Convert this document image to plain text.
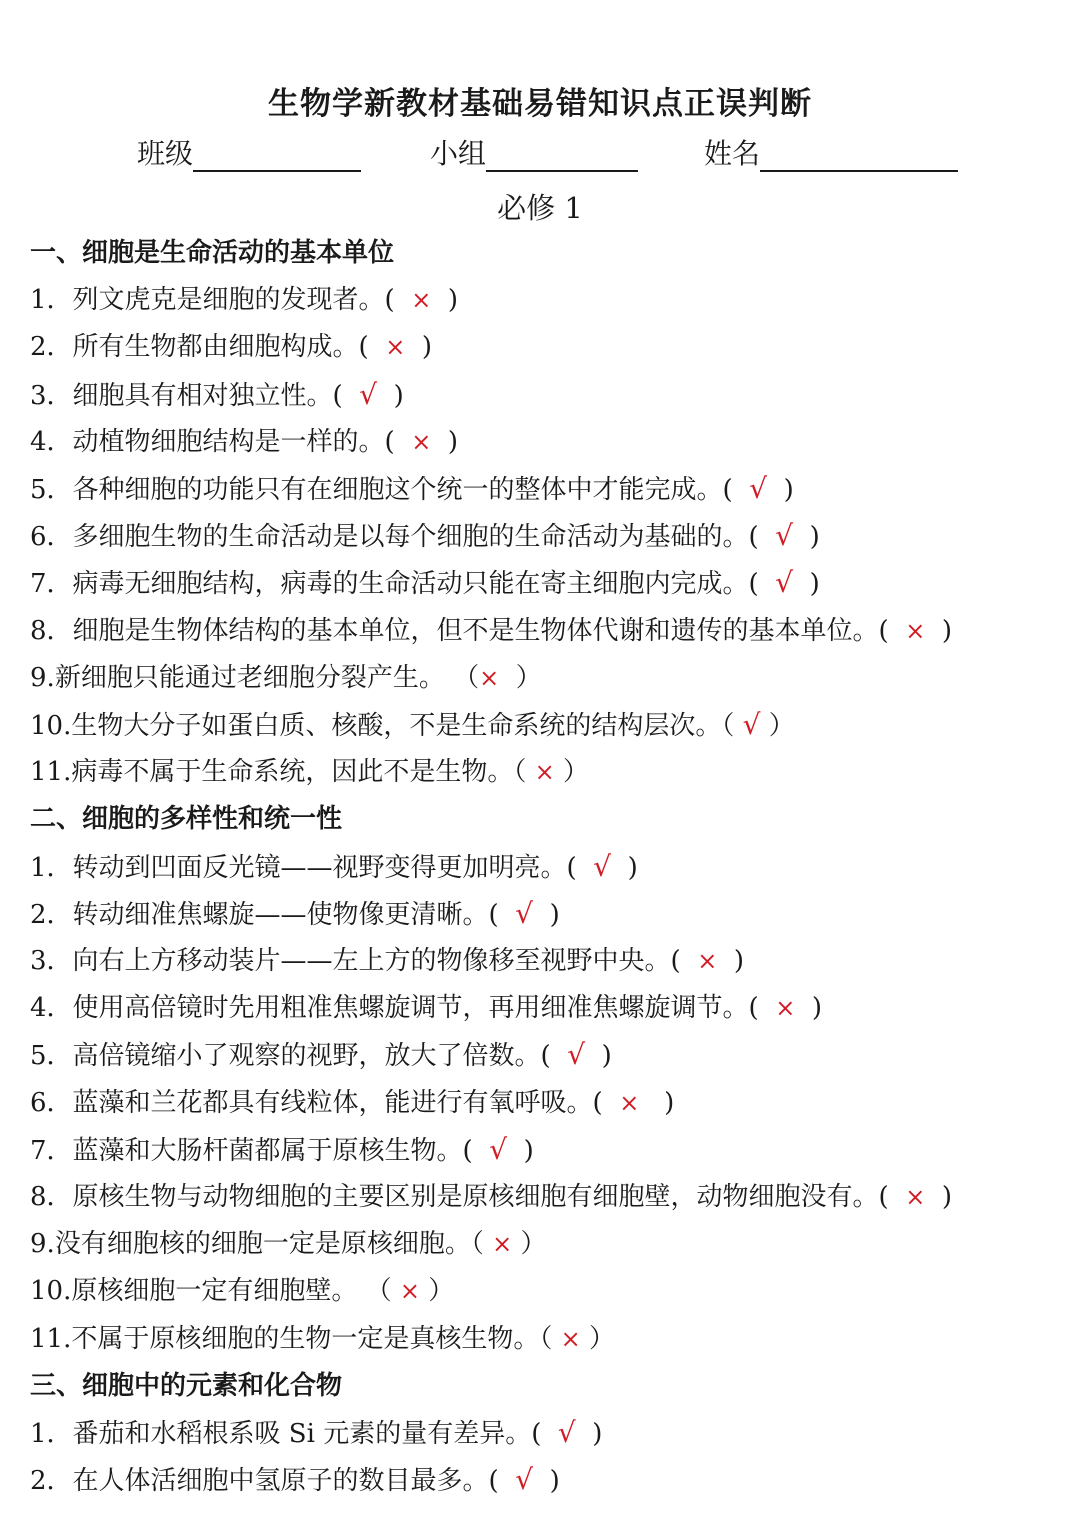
生物学新教材基础易错知识点正误判断
班级	小组	姓名
必修 1
一、细胞是生命活动的基本单位
1．列文虎克是细胞的发现者。( × )
2．所有生物都由细胞构成。( × )
3．细胞具有相对独立性。( √ )
4．动植物细胞结构是一样的。( × )
5．各种细胞的功能只有在细胞这个统一的整体中才能完成。( √ )
6．多细胞生物的生命活动是以每个细胞的生命活动为基础的。( √ )
7．病毒无细胞结构，病毒的生命活动只能在寄主细胞内完成。( √ )
8．细胞是生物体结构的基本单位，但不是生物体代谢和遗传的基本单位。( × )
9.新细胞只能通过老细胞分裂产生。 （× ）
10.生物大分子如蛋白质、核酸，不是生命系统的结构层次。（ √ ）
11.病毒不属于生命系统，因此不是生物。（ × ）
二、细胞的多样性和统一性
1．转动到凹面反光镜——视野变得更加明亮。( √ )
2．转动细准焦螺旋——使物像更清晰。( √ )
3．向右上方移动装片——左上方的物像移至视野中央。( × )
4．使用高倍镜时先用粗准焦螺旋调节，再用细准焦螺旋调节。( × )
5．高倍镜缩小了观察的视野，放大了倍数。( √ )
6．蓝藻和兰花都具有线粒体，能进行有氧呼吸。( × )
7．蓝藻和大肠杆菌都属于原核生物。( √ )
8．原核生物与动物细胞的主要区别是原核细胞有细胞壁，动物细胞没有。( × )
9.没有细胞核的细胞一定是原核细胞。（ × ）
10.原核细胞一定有细胞壁。 （ × ）
11.不属于原核细胞的生物一定是真核生物。（ × ）
三、细胞中的元素和化合物
1．番茄和水稻根系吸 Si 元素的量有差异。( √ )
2．在人体活细胞中氢原子的数目最多。( √ )
